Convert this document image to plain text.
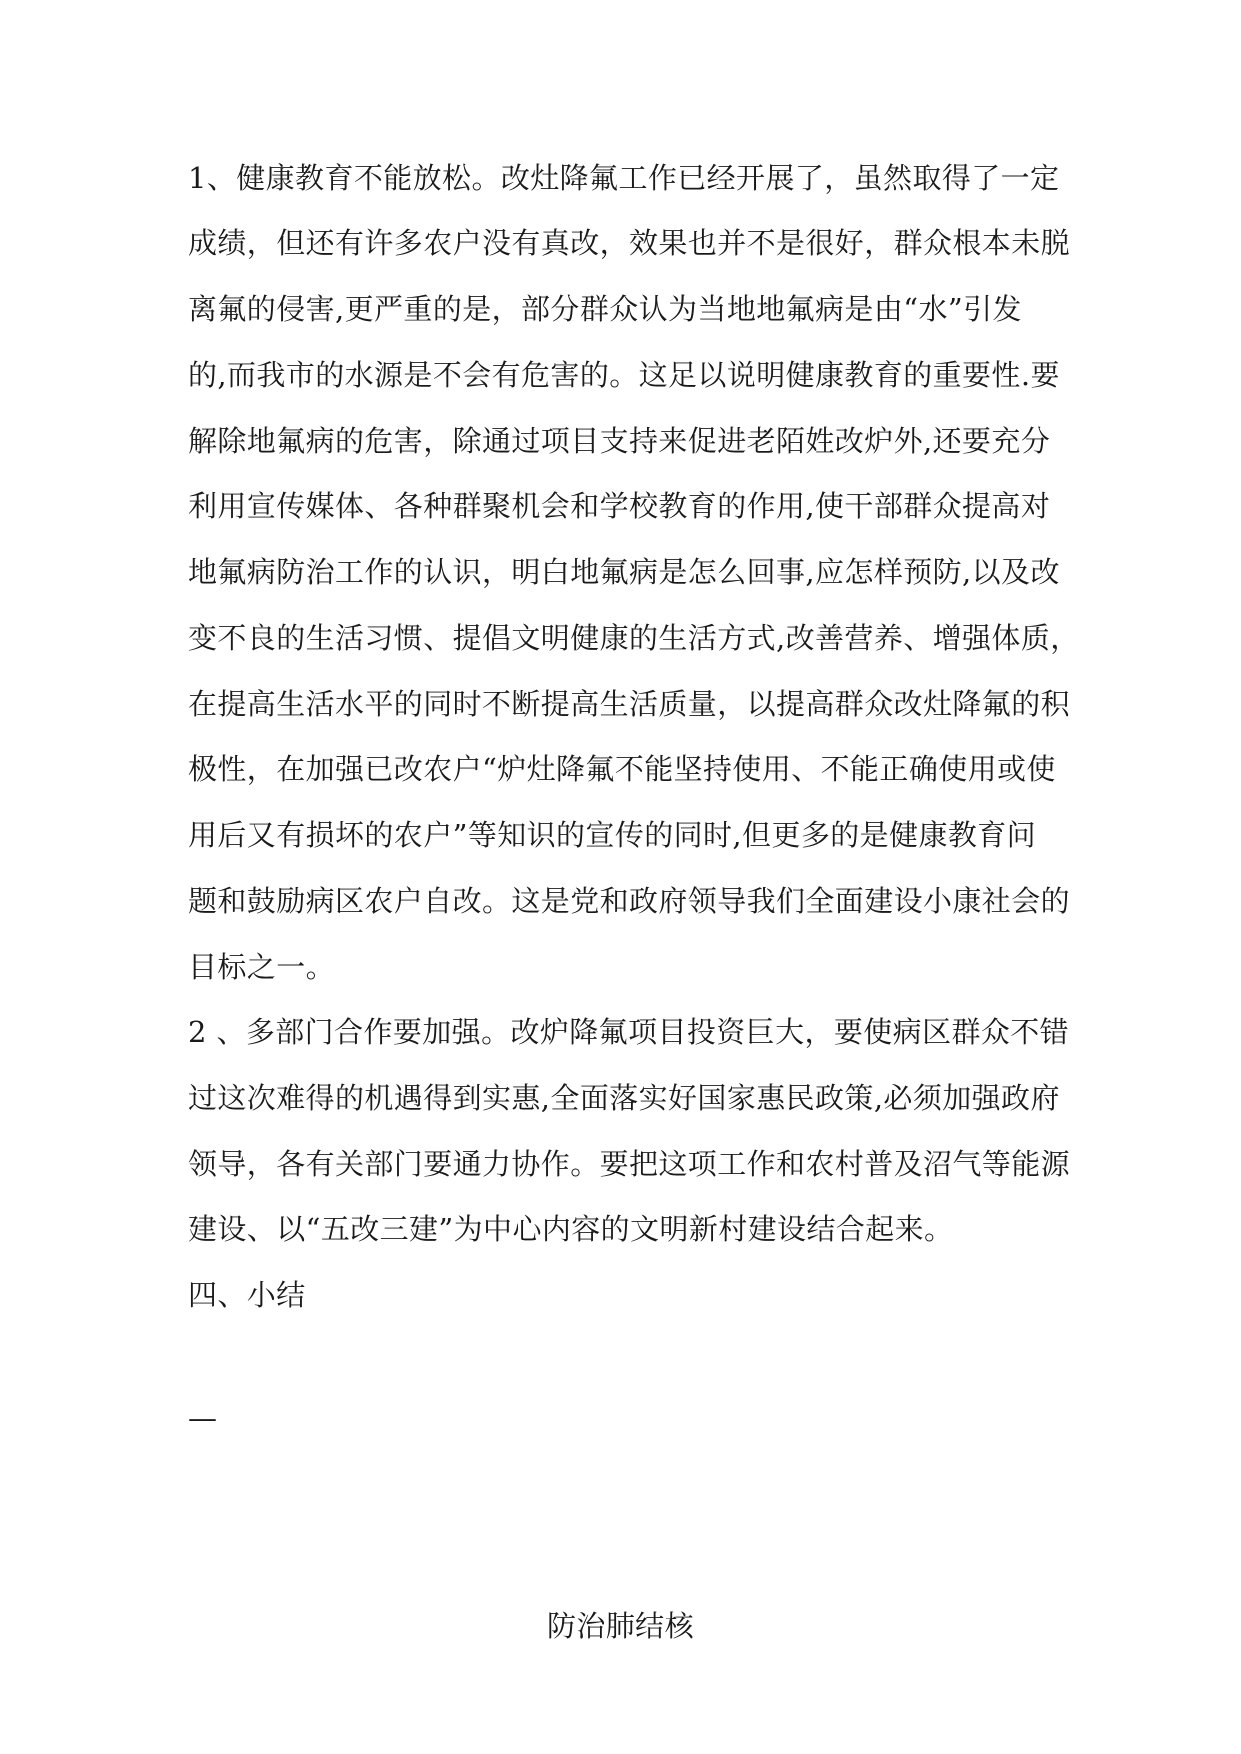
1、健康教育不能放松。改灶降氟工作已经开展了，虽然取得了一定
成绩，但还有许多农户没有真改，效果也并不是很好，群众根本未脱
离氟的侵害,更严重的是，部分群众认为当地地氟病是由“水”引发
的,而我市的水源是不会有危害的。这足以说明健康教育的重要性.要
解除地氟病的危害，除通过项目支持来促进老陌姓改炉外,还要充分
利用宣传媒体、各种群聚机会和学校教育的作用,使干部群众提高对
地氟病防治工作的认识，明白地氟病是怎么回事,应怎样预防,以及改
变不良的生活习惯、提倡文明健康的生活方式,改善营养、增强体质，
在提高生活水平的同时不断提高生活质量，以提高群众改灶降氟的积
极性，在加强已改农户“炉灶降氟不能坚持使用、不能正确使用或使
用后又有损坏的农户”等知识的宣传的同时,但更多的是健康教育问
题和鼓励病区农户自改。这是党和政府领导我们全面建设小康社会的
目标之一。
2 、多部门合作要加强。改炉降氟项目投资巨大，要使病区群众不错
过这次难得的机遇得到实惠,全面落实好国家惠民政策,必须加强政府
领导，各有关部门要通力协作。要把这项工作和农村普及沼气等能源
建设、以“五改三建”为中心内容的文明新村建设结合起来。
四、小结
—
防治肺结核
